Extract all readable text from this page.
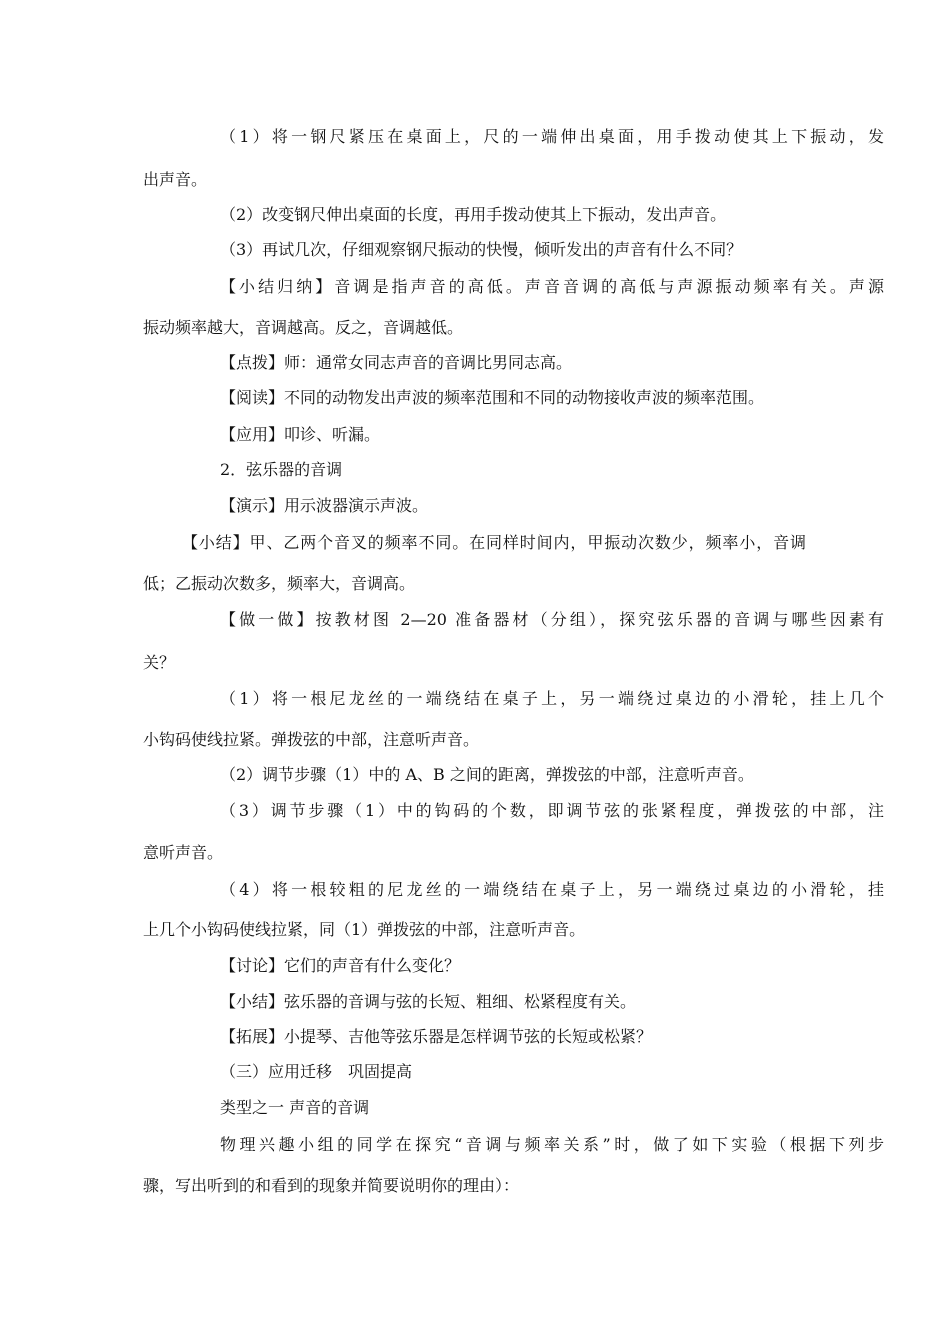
（1）将一钢尺紧压在桌面上，尺的一端伸出桌面，用手拨动使其上下振动，发
出声音。
（2）改变钢尺伸出桌面的长度，再用手拨动使其上下振动，发出声音。
（3）再试几次，仔细观察钢尺振动的快慢，倾听发出的声音有什么不同？
【小结归纳】音调是指声音的高低。声音音调的高低与声源振动频率有关。声源
振动频率越大，音调越高。反之，音调越低。
【点拨】师：通常女同志声音的音调比男同志高。
【阅读】不同的动物发出声波的频率范围和不同的动物接收声波的频率范围。
【应用】叩诊、听漏。
2．弦乐器的音调
【演示】用示波器演示声波。
【小结】甲、乙两个音叉的频率不同。在同样时间内，甲振动次数少，频率小，音调
低；乙振动次数多，频率大，音调高。
【做一做】按教材图 2—20 准备器材（分组），探究弦乐器的音调与哪些因素有
关？
（1）将一根尼龙丝的一端绕结在桌子上，另一端绕过桌边的小滑轮，挂上几个
小钩码使线拉紧。弹拨弦的中部，注意听声音。
（2）调节步骤（1）中的 A、B 之间的距离，弹拨弦的中部，注意听声音。
（3）调节步骤（1）中的钩码的个数，即调节弦的张紧程度，弹拨弦的中部，注
意听声音。
（4）将一根较粗的尼龙丝的一端绕结在桌子上，另一端绕过桌边的小滑轮，挂
上几个小钩码使线拉紧，同（1）弹拨弦的中部，注意听声音。
【讨论】它们的声音有什么变化？
【小结】弦乐器的音调与弦的长短、粗细、松紧程度有关。
【拓展】小提琴、吉他等弦乐器是怎样调节弦的长短或松紧？
（三）应用迁移　巩固提高
类型之一 声音的音调
物理兴趣小组的同学在探究“音调与频率关系”时，做了如下实验（根据下列步
骤，写出听到的和看到的现象并简要说明你的理由）：
